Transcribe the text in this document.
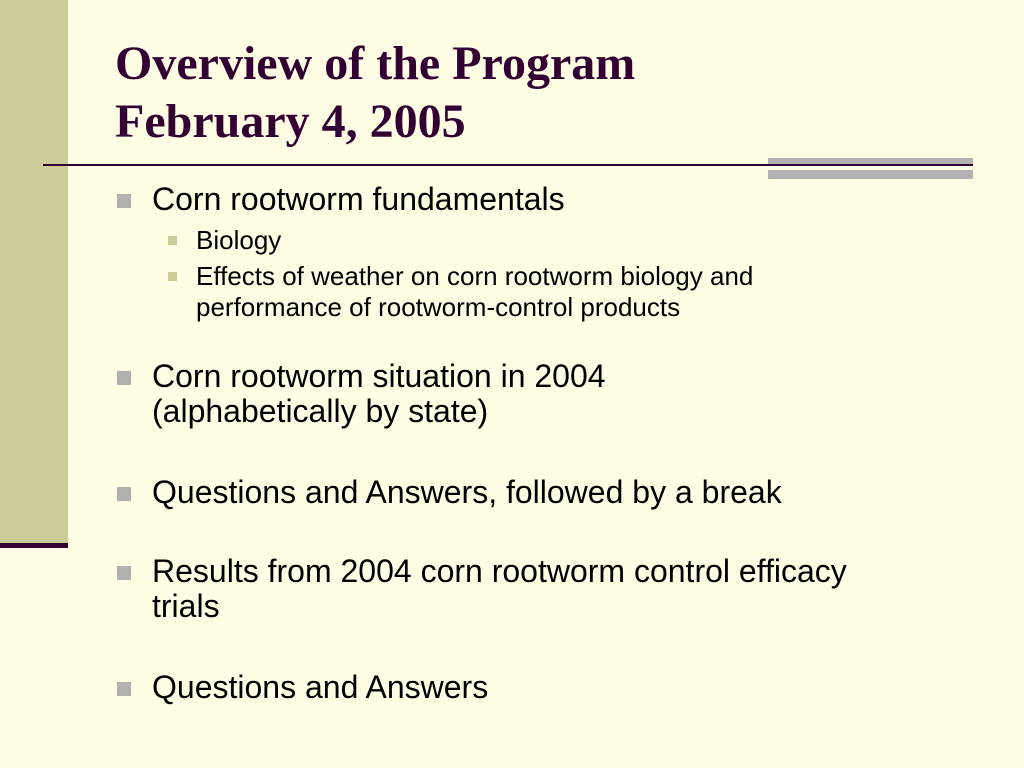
Overview of the Program
February 4, 2005
Corn rootworm fundamentals
Biology
Effects of weather on corn rootworm biology and
performance of rootworm-control products
Corn rootworm situation in 2004
(alphabetically by state)
Questions and Answers, followed by a break
Results from 2004 corn rootworm control efficacy
trials
Questions and Answers
